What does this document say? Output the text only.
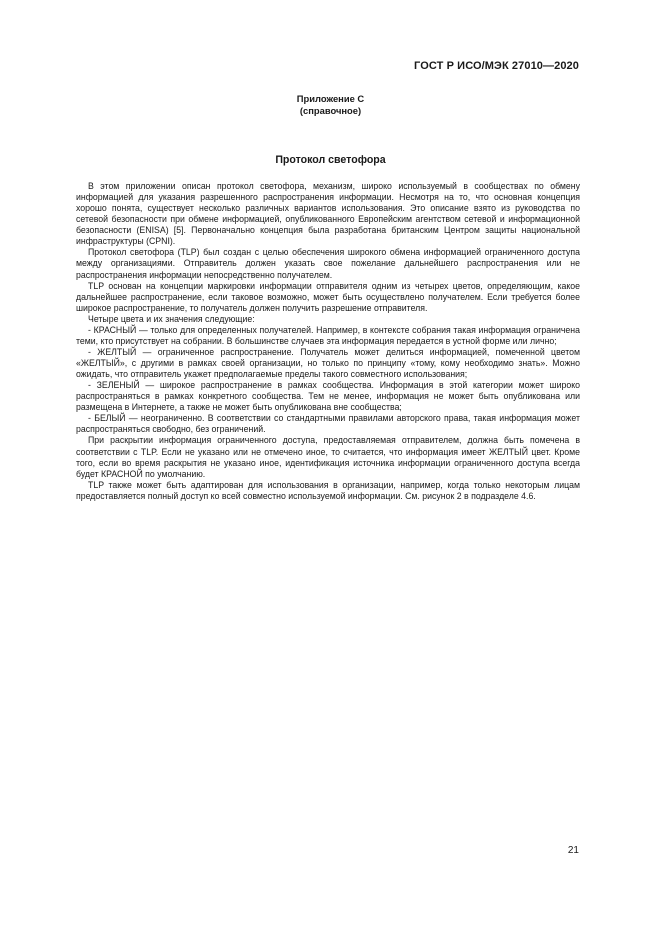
ГОСТ Р ИСО/МЭК 27010—2020
Приложение С
(справочное)
Протокол светофора

В этом приложении описан протокол светофора, механизм, широко используемый в сообществах по обмену информацией для указания разрешенного распространения информации. Несмотря на то, что основная концепция хорошо понята, существует несколько различных вариантов использования. Это описание взято из руководства по сетевой безопасности при обмене информацией, опубликованного Европейским агентством сетевой и информационной безопасности (ENISA) [5]. Первоначально концепция была разработана британским Центром защиты национальной инфраструктуры (CPNI).

Протокол светофора (TLP) был создан с целью обеспечения широкого обмена информацией ограниченного доступа между организациями. Отправитель должен указать свое пожелание дальнейшего распространения или не распространения информации непосредственно получателем.

TLP основан на концепции маркировки информации отправителя одним из четырех цветов, определяющим, какое дальнейшее распространение, если таковое возможно, может быть осуществлено получателем. Если требуется более широкое распространение, то получатель должен получить разрешение отправителя.

Четыре цвета и их значения следующие:

- КРАСНЫЙ — только для определенных получателей. Например, в контексте собрания такая информация ограничена теми, кто присутствует на собрании. В большинстве случаев эта информация передается в устной форме или лично;

- ЖЕЛТЫЙ — ограниченное распространение. Получатель может делиться информацией, помеченной цветом «ЖЕЛТЫЙ», с другими в рамках своей организации, но только по принципу «тому, кому необходимо знать». Можно ожидать, что отправитель укажет предполагаемые пределы такого совместного использования;

- ЗЕЛЕНЫЙ — широкое распространение в рамках сообщества. Информация в этой категории может широко распространяться в рамках конкретного сообщества. Тем не менее, информация не может быть опубликована или размещена в Интернете, а также не может быть опубликована вне сообщества;

- БЕЛЫЙ — неограниченно. В соответствии со стандартными правилами авторского права, такая информация может распространяться свободно, без ограничений.

При раскрытии информация ограниченного доступа, предоставляемая отправителем, должна быть помечена в соответствии с TLP. Если не указано или не отмечено иное, то считается, что информация имеет ЖЕЛТЫЙ цвет. Кроме того, если во время раскрытия не указано иное, идентификация источника информации ограниченного доступа всегда будет КРАСНОЙ по умолчанию.

TLP также может быть адаптирован для использования в организации, например, когда только некоторым лицам предоставляется полный доступ ко всей совместно используемой информации. См. рисунок 2 в подразделе 4.6.

21
